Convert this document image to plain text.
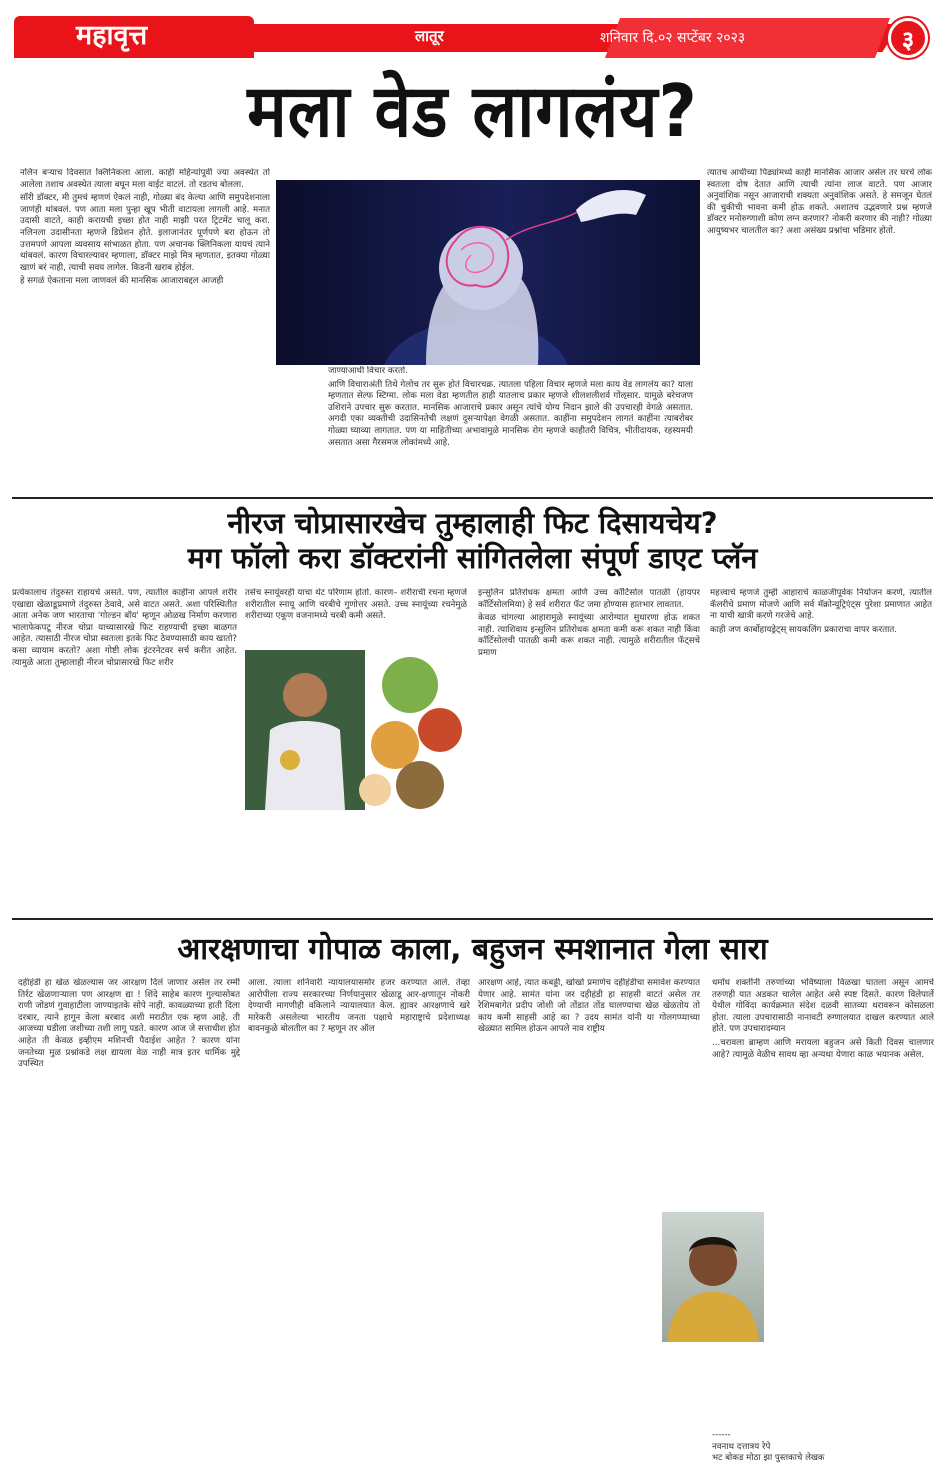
महावृत्त	लातूर	शनिवार दि.०२ सप्टेंबर २०२३	३
मला वेड लागलंय?

नलिन बऱ्याच दिवसात क्लिनिकला आला. काही महिन्यांपूर्वी ज्या अवस्थेत तो आलेला तशाच अवस्थेत त्याला बघून मला वाईट वाटलं. तो रडतच बोलला.

सॉरी डॉक्टर, मी तुमचं म्हणणं ऐकलं नाही, गोळ्या बंद केल्या आणि समुपदेशनाला जाणंही थांबवलं. पण आता मला पुन्हा खूप भीती वाटायला लागली आहे. मनात उदासी वाटते, काही करायची इच्छा होत नाही माझी परत ट्रिटमेंट चालू करा. नलिनला उदासीनता म्हणजे डिप्रेशन होते. इलाजानंतर पूर्णपणे बरा होऊन तो उत्तमपणे आपला व्यवसाय सांभाळत होता. पण अचानक क्लिनिकला यायचं त्याने थांबवलं. कारण विचारल्यावर म्हणाला, डॉक्टर माझे मित्र म्हणतात, इतक्या गोळ्या खाणं बरं नाही, त्याची सवय लागेल. किडनी खराब होईल.

हे सगळं ऐकताना मला जाणवलं की मानसिक आजाराबद्दल आजही

जाण्याआधी विचार करतो.

आणि विचाराअंती तिथे गेलोच तर सुरू होतं विचारचक्र. त्यातला पहिला विचार म्हणजे मला काय वेड लागलंय का? याला म्हणतात सेल्फ स्टिग्मा. लोक मला वेडा म्हणतील हाही यातलाच प्रकार म्हणजे शीलशलीशर्व गोंऌसार. यामुळे बरेचजण उशिराने उपचार सुरू करतात. मानसिक आजाराचे प्रकार असून त्यांचे योग्य निदान झाले की उपचारही वेगळे असतात. अगदी एका व्यक्तीची उदासिनतेची लक्षणं दुसऱ्यापेक्षा वेगळी असतात. काहींना समुपदेशन लागतं काहींना त्याबरोबर गोळ्या घ्याव्या लागतात. पण या माहितीच्या अभावामुळे मानसिक रोग म्हणजे काहीतरी विचित्र, भीतीदायक, रहस्यमयी असतात असा गैरसमज लोकांमध्ये आहे.

त्यातच आधीच्या पिढ्यांमध्ये काही मानसिक आजार असेल तर घरचे लोक स्वतःला दोष देतात आणि त्याची त्यांना लाज वाटते. पण आजार अनुवांशिक नसून आजाराची शक्यता अनुवांशिक असते. हे समजून घेतलं की चुकीची भावना कमी होऊ शकते. अशातच उद्भवणारे प्रश्न म्हणजे डॉक्टर मनोरुग्णाशी कोण लग्न करणार? नोकरी करणार की नाही? गोळ्या आयुष्यभर चालतील का? अशा असंख्य प्रश्नांचा भडिमार होतो.

नीरज चोप्रासारखेच तुम्हालाही फिट दिसायचेय?
मग फॉलो करा डॉक्टरांनी सांगितलेला संपूर्ण डाएट प्लॅन

प्रत्येकालाच तंदुरुस्त राहायचे असते. पण, त्यातील काहींना आपले शरीर एखाद्या खेळाडूप्रमाणे तंदुरुस्त ठेवावे, असे वाटत असते. अशा परिस्थितीत आता अनेक जण भारताचा 'गोल्डन बॉय' म्हणून ओळख निर्माण करणारा भालाफेकपटू नीरज चोप्रा याच्यासारखे फिट राहण्याची इच्छा बाळगत आहेत. त्यासाठी नीरज चोप्रा स्वतःला इतके फिट ठेवण्यासाठी काय खातो? कसा व्यायाम करतो? अशा गोष्टी लोक इंटरनेटवर सर्च करीत आहेत. त्यामुळे आता तुम्हालाही नीरज चोप्रासारखे फिट शरीर

तसेच स्नायूंवरही याचा थेट परिणाम होतो. कारण– शरीराची रचना म्हणजे शरीरातील स्नायू आणि चरबीचे गुणोत्तर असते. उच्च स्नायूंच्या रचनेमुळे शरीराच्या एकूण वजनामध्ये चरबी कमी असते.

इन्सुलिन प्रतिरोधक क्षमता आणि उच्च कॉर्टिसोल पातळी (हायपर कॉर्टिसोलमिया) हे सर्व शरीरात फॅट जमा होण्यास हातभार लावतात.

केवळ चांगल्या आहारामुळे स्नायूंच्या आरोग्यात सुधारणा होऊ शकत नाही. त्याशिवाय इन्सुलिन प्रतिरोधक क्षमता कमी करू शकत नाही किंवा कॉर्टिसोलची पातळी कमी करू शकत नाही. त्यामुळे शरीरातील फॅट्सचे प्रमाण

महत्त्वाचे म्हणजे तुम्ही आहाराचे काळजीपूर्वक नियोजन करणे, त्यातील कॅलरीचे प्रमाण मोजणे आणि सर्व मॅक्रोन्यूट्रिएंट्स पुरेशा प्रमाणात आहेत ना याची खात्री करणे गरजेचे आहे.

काही जण कार्बोहायड्रेट्स् सायकलिंग प्रकाराचा वापर करतात.

आरक्षणाचा गोपाळ काला, बहुजन स्मशानात गेला सारा

दहीहंडी हा खेळ खेळल्यास जर आरक्षण दिलं जाणार असेल तर रम्मी तिर्रट खेळणार्‍याला पण आरक्षण द्या ! शिंदे साहेब कारण गुल्यासोबत राणी जोडणं गुवाहाटीला जाण्याइतके सोपे नाही. कावळ्याच्या हाती दिला दरबार, त्याने हागून केला बरबाद अशी मराठीत एक म्हण आहे. ती आजच्या घडीला जशीच्या तशी लागू पडते. कारण आज जे सत्ताधीश होत आहेत ती केवळ इव्हीएम मशिनची पैदाईश आहेत ? कारण यांना जनतेच्या मुळ प्रश्नांकडे लक्ष द्यायला वेळ नाही मात्र इतर धार्मिक मुद्दे उपस्थित

आला. त्याला शनिवारी न्यायालयासमोर हजर करण्यात आले. तेव्हा आरोपीला राज्य सरकारच्या निर्णयानुसार खेळाडू आर-क्षणातून नोकरी देण्याची मागणीही वकिलाने न्यायालयात केल. ह्यावर आरक्षणाचे खरे मारेकरी असलेल्या भारतीय जनता पक्षाचे महाराष्ट्राचे प्रदेशाध्यक्ष बावनकुळे बोलतील का ? म्हणून तर ऑल

आरक्षण आहे, त्यात कबड्डी, खोखो प्रमाणेच दहीहंडीचा समावेश करण्यात येणार आहे. सामंत यांना जर दहीहंडी हा साहसी वाटतं असेल तर रेशिमबागेत प्रदीप जोशी जो तोंडात तोंड घालण्याचा खेळ खेळतोय तो काय कमी साहसी आहे का ? उदय सामंत यांनी या गोलगप्प्याच्या खेळ्यात सामिल होऊन आपले नाव राष्ट्रीय

धर्मांध शक्तींनी तरुणांच्या भविष्याला विळखा घातला असून आमचे तरुणही यात अडकत चालेल आहेत असे स्पष्ट दिसते. कारण विलेपार्ले येथील गोविंदा कार्यक्रमात संदेश दळवी सातव्या थरावरून कोसळला होता. त्याला उपचारासाठी नानावटी रुग्णालयात दाखल करण्यात आले होते. पण उपचारादम्यान

...चरावला ब्राम्हण आणि मरायला बहुजन असे किती दिवस चालणार आहे? त्यामुळे वेळीच सावध व्हा अन्यथा येणारा काळ भयानक असेल.

------
नवनाथ दत्तात्रय रेपे
भट बोकड मोठा झा पुस्तकाचे लेखक
